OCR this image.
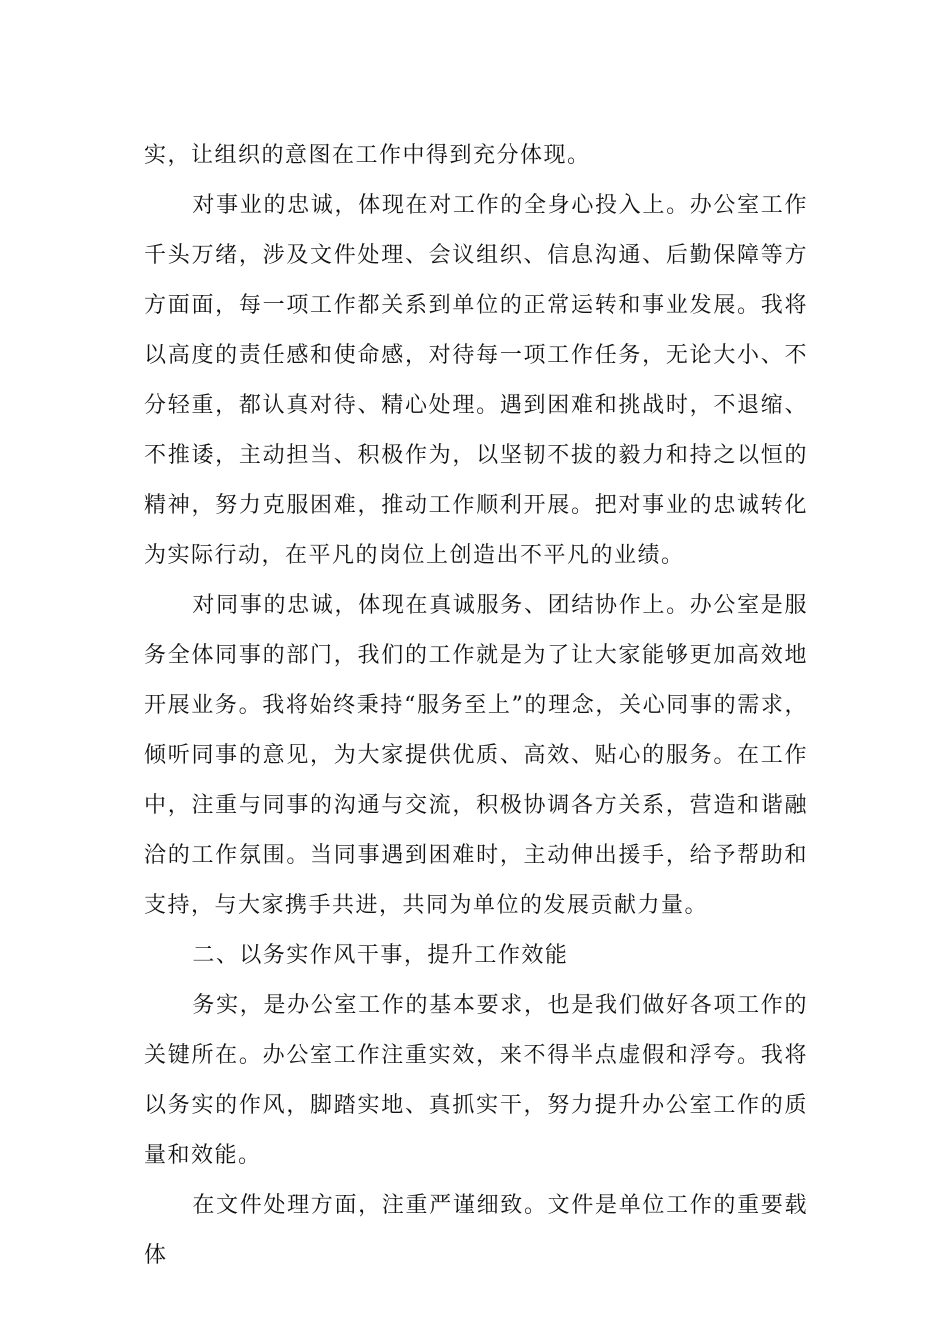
实，让组织的意图在工作中得到充分体现。

对事业的忠诚，体现在对工作的全身心投入上。办公室工作千头万绪，涉及文件处理、会议组织、信息沟通、后勤保障等方方面面，每一项工作都关系到单位的正常运转和事业发展。我将以高度的责任感和使命感，对待每一项工作任务，无论大小、不分轻重，都认真对待、精心处理。遇到困难和挑战时，不退缩、不推诿，主动担当、积极作为，以坚韧不拔的毅力和持之以恒的精神，努力克服困难，推动工作顺利开展。把对事业的忠诚转化为实际行动，在平凡的岗位上创造出不平凡的业绩。

对同事的忠诚，体现在真诚服务、团结协作上。办公室是服务全体同事的部门，我们的工作就是为了让大家能够更加高效地开展业务。我将始终秉持“服务至上”的理念，关心同事的需求，倾听同事的意见，为大家提供优质、高效、贴心的服务。在工作中，注重与同事的沟通与交流，积极协调各方关系，营造和谐融洽的工作氛围。当同事遇到困难时，主动伸出援手，给予帮助和支持，与大家携手共进，共同为单位的发展贡献力量。

二、以务实作风干事，提升工作效能

务实，是办公室工作的基本要求，也是我们做好各项工作的关键所在。办公室工作注重实效，来不得半点虚假和浮夸。我将以务实的作风，脚踏实地、真抓实干，努力提升办公室工作的质量和效能。

在文件处理方面，注重严谨细致。文件是单位工作的重要载体
